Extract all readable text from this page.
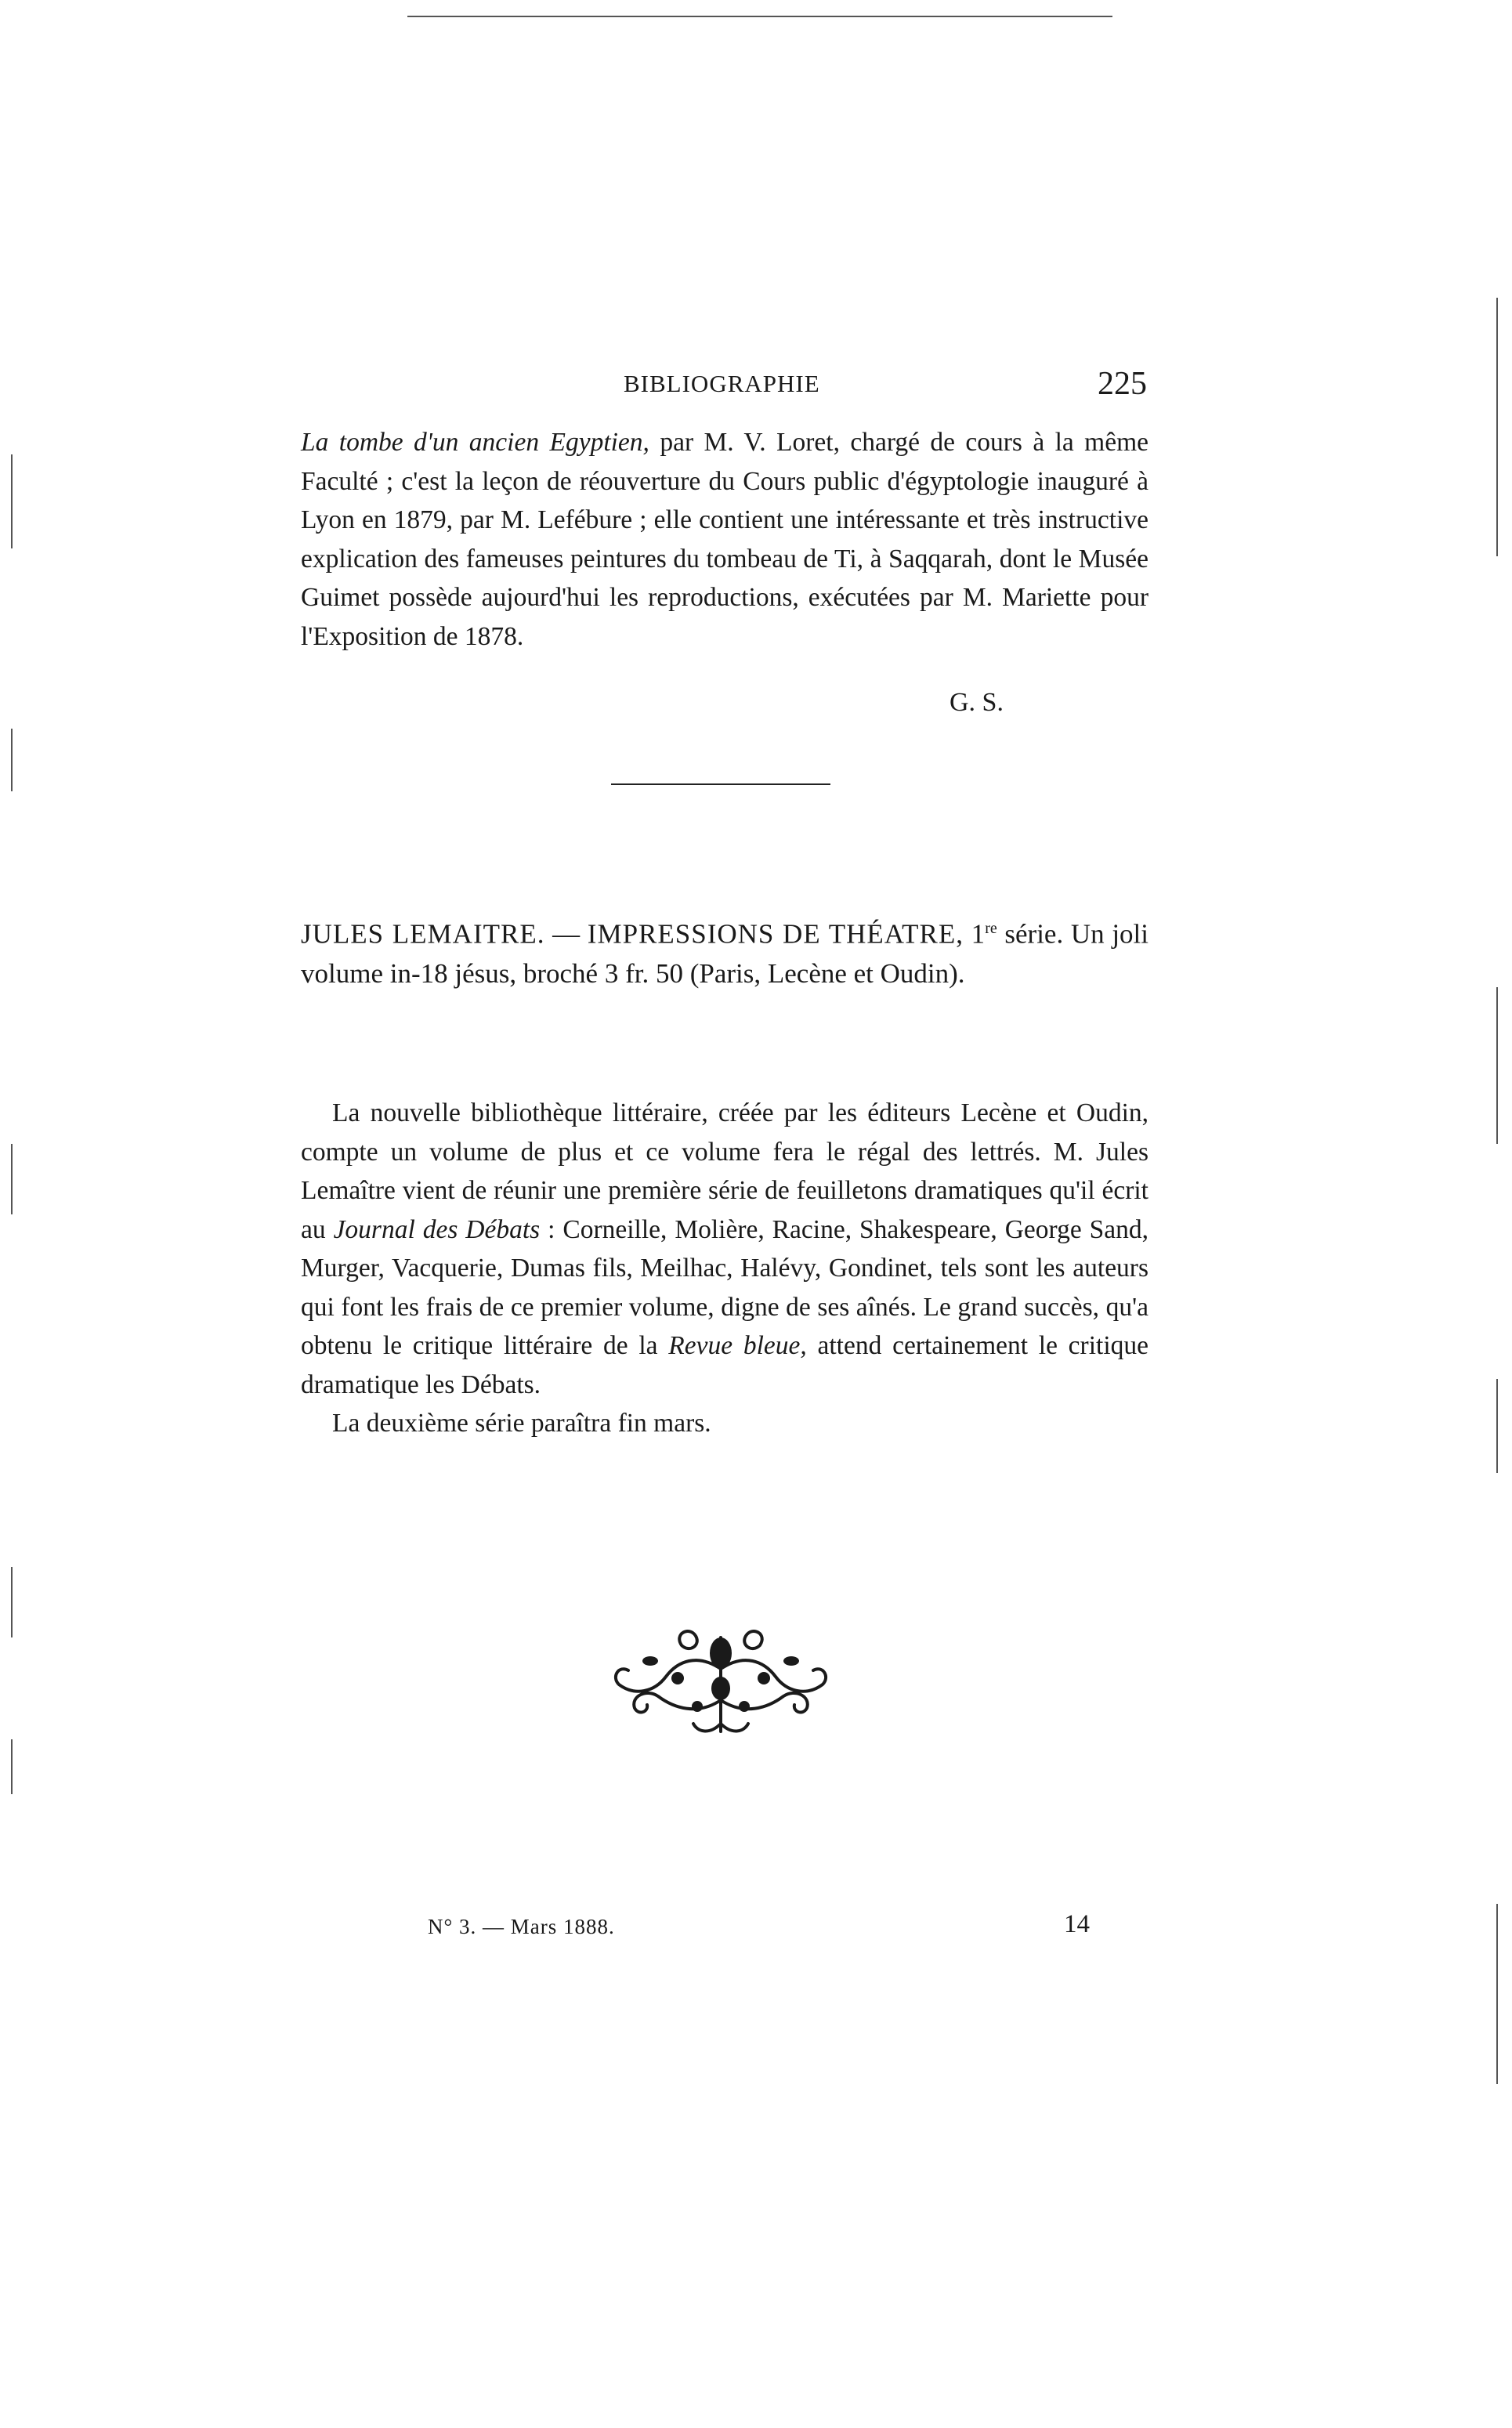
BIBLIOGRAPHIE	225

La tombe d'un ancien Egyptien, par M. V. Loret, chargé de cours à la même Faculté ; c'est la leçon de réouverture du Cours public d'égyptologie inauguré à Lyon en 1879, par M. Lefébure ; elle contient une intéressante et très instructive explication des fameuses peintures du tombeau de Ti, à Saqqarah, dont le Musée Guimet possède aujourd'hui les reproductions, exécutées par M. Mariette pour l'Exposition de 1878.

G. S.
JULES LEMAITRE. — IMPRESSIONS DE THÉATRE, 1re série. Un joli volume in-18 jésus, broché 3 fr. 50 (Paris, Lecène et Oudin).

La nouvelle bibliothèque littéraire, créée par les éditeurs Lecène et Oudin, compte un volume de plus et ce volume fera le régal des lettrés. M. Jules Lemaître vient de réunir une première série de feuilletons dramatiques qu'il écrit au Journal des Débats : Corneille, Molière, Racine, Shakespeare, George Sand, Murger, Vacquerie, Dumas fils, Meilhac, Halévy, Gondinet, tels sont les auteurs qui font les frais de ce premier volume, digne de ses aînés. Le grand succès, qu'a obtenu le critique littéraire de la Revue bleue, attend certainement le critique dramatique les Débats.

La deuxième série paraîtra fin mars.

N° 3. — Mars 1888.	14
